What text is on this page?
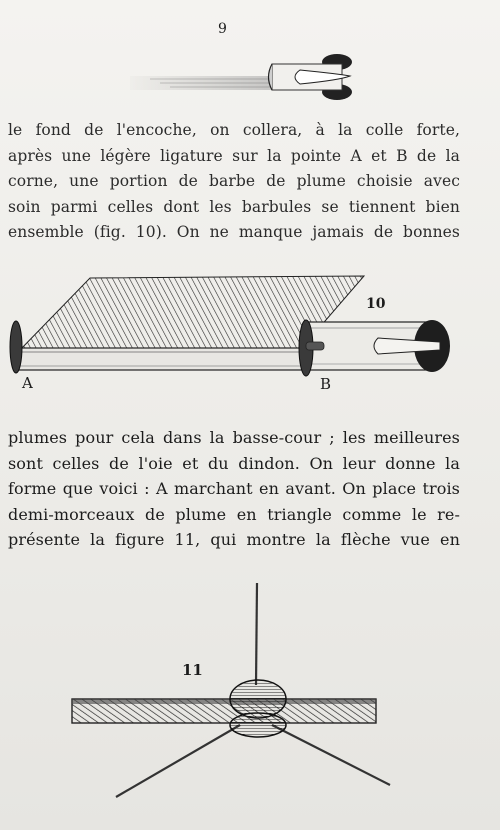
9

le fond de l'encoche, on collera, à la colle forte,
après une légère ligature sur la pointe A et B de la
corne, une portion de barbe de plume choisie avec
soin parmi celles dont les barbules se tiennent bien
ensemble (fig. 10). On ne manque jamais de bonnes

10
A	B

plumes pour cela dans la basse-cour ; les meilleures
sont celles de l'oie et du dindon. On leur donne la
forme que voici : A marchant en avant. On place trois
demi-morceaux de plume en triangle comme le re-
présente la figure 11, qui montre la flèche vue en

11
